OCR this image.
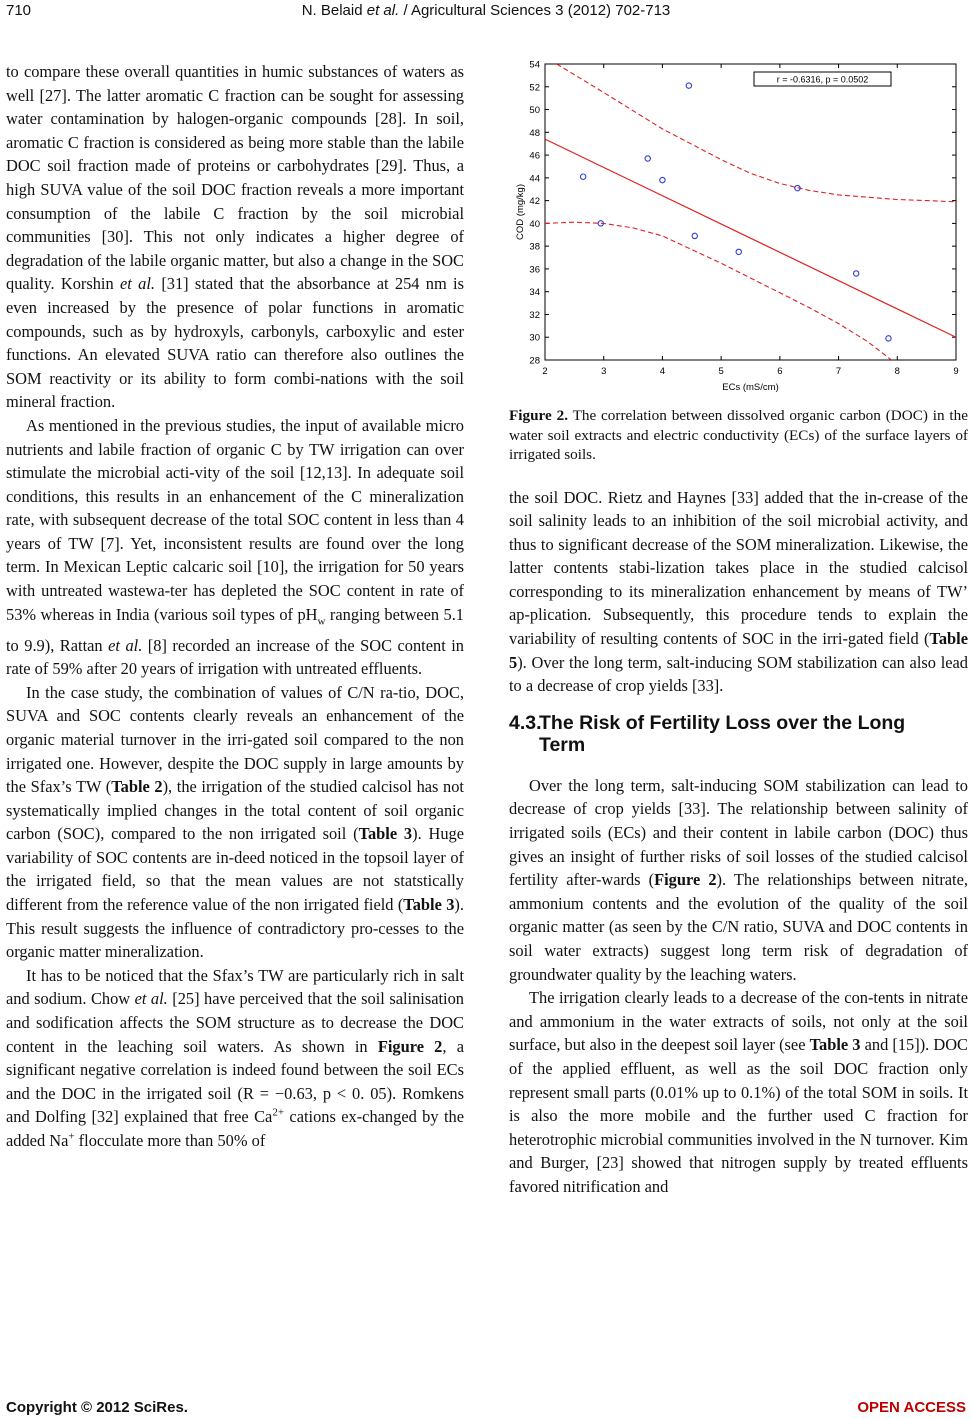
710	N. Belaid et al. / Agricultural Sciences 3 (2012) 702-713

to compare these overall quantities in humic substances of waters as well [27]. The latter aromatic C fraction can be sought for assessing water contamination by halogen-organic compounds [28]. In soil, aromatic C fraction is considered as being more stable than the labile DOC soil fraction made of proteins or carbohydrates [29]. Thus, a high SUVA value of the soil DOC fraction reveals a more important consumption of the labile C fraction by the soil microbial communities [30]. This not only indicates a higher degree of degradation of the labile organic matter, but also a change in the SOC quality. Korshin et al. [31] stated that the absorbance at 254 nm is even increased by the presence of polar functions in aromatic compounds, such as by hydroxyls, carbonyls, carboxylic and ester functions. An elevated SUVA ratio can therefore also outlines the SOM reactivity or its ability to form combi-nations with the soil mineral fraction.

As mentioned in the previous studies, the input of available micro nutrients and labile fraction of organic C by TW irrigation can over stimulate the microbial acti-vity of the soil [12,13]. In adequate soil conditions, this results in an enhancement of the C mineralization rate, with subsequent decrease of the total SOC content in less than 4 years of TW [7]. Yet, inconsistent results are found over the long term. In Mexican Leptic calcaric soil [10], the irrigation for 50 years with untreated wastewa-ter has depleted the SOC content in rate of 53% whereas in India (various soil types of $pH_w$ ranging between 5.1 to 9.9), Rattan et al. [8] recorded an increase of the SOC content in rate of 59% after 20 years of irrigation with untreated effluents.

In the case study, the combination of values of C/N ra-tio, DOC, SUVA and SOC contents clearly reveals an enhancement of the organic material turnover in the irri-gated soil compared to the non irrigated one. However, despite the DOC supply in large amounts by the Sfax’s TW (Table 2), the irrigation of the studied calcisol has not systematically implied changes in the total content of soil organic carbon (SOC), compared to the non irrigated soil (Table 3). Huge variability of SOC contents are in-deed noticed in the topsoil layer of the irrigated field, so that the mean values are not statstically different from the reference value of the non irrigated field (Table 3). This result suggests the influence of contradictory pro-cesses to the organic matter mineralization.

It has to be noticed that the Sfax’s TW are particularly rich in salt and sodium. Chow et al. [25] have perceived that the soil salinisation and sodification affects the SOM structure as to decrease the DOC content in the leaching soil waters. As shown in Figure 2, a significant negative correlation is indeed found between the soil ECs and the DOC in the irrigated soil (R = −0.63, p < 0. 05). Romkens and Dolfing [32] explained that free $Ca^{2+}$ cations ex-changed by the added Na+ flocculate more than 50% of

28
30
32
34
36
38
40
42
44
46
48
50
52
54
2	3	4	5	6	7	8	9
ECs (mS/cm)
COD (mg/kg)
r = -0.6316, p = 0.0502
Figure 2. The correlation between dissolved organic carbon (DOC) in the water soil extracts and electric conductivity (ECs) of the surface layers of irrigated soils.

the soil DOC. Rietz and Haynes [33] added that the in-crease of the soil salinity leads to an inhibition of the soil microbial activity, and thus to significant decrease of the SOM mineralization. Likewise, the latter contents stabi-lization takes place in the studied calcisol corresponding to its mineralization enhancement by means of TW’ ap-plication. Subsequently, this procedure tends to explain the variability of resulting contents of SOC in the irri-gated field (Table 5). Over the long term, salt-inducing SOM stabilization can also lead to a decrease of crop yields [33].

4.3.The Risk of Fertility Loss over the Long
Term

Over the long term, salt-inducing SOM stabilization can lead to decrease of crop yields [33]. The relationship between salinity of irrigated soils (ECs) and their content in labile carbon (DOC) thus gives an insight of further risks of soil losses of the studied calcisol fertility after-wards (Figure 2). The relationships between nitrate, ammonium contents and the evolution of the quality of the soil organic matter (as seen by the C/N ratio, SUVA and DOC contents in soil water extracts) suggest long term risk of degradation of groundwater quality by the leaching waters.

The irrigation clearly leads to a decrease of the con-tents in nitrate and ammonium in the water extracts of soils, not only at the soil surface, but also in the deepest soil layer (see Table 3 and [15]). DOC of the applied effluent, as well as the soil DOC fraction only represent small parts (0.01% up to 0.1%) of the total SOM in soils. It is also the more mobile and the further used C fraction for heterotrophic microbial communities involved in the N turnover. Kim and Burger, [23] showed that nitrogen supply by treated effluents favored nitrification and

Copyright © 2012 SciRes.	OPEN ACCESS
